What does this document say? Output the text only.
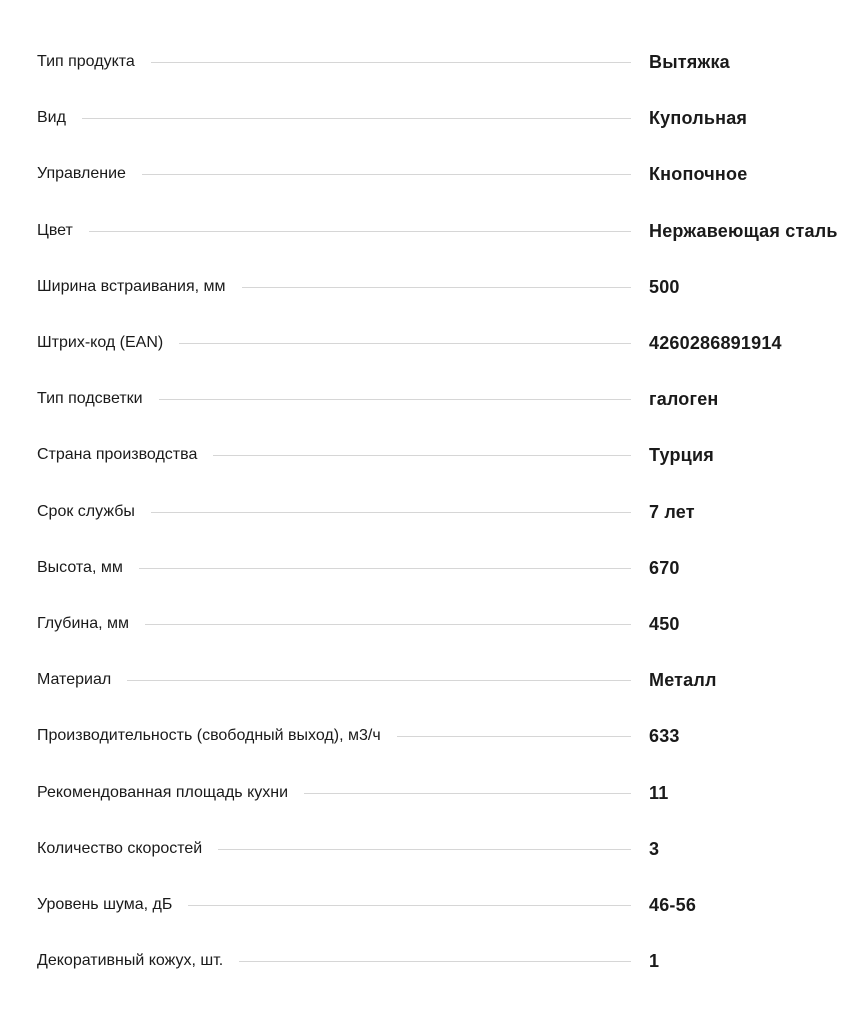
Тип продукта	Вытяжка
Вид	Купольная
Управление	Кнопочное
Цвет	Нержавеющая сталь
Ширина встраивания, мм	500
Штрих-код (EAN)	4260286891914
Тип подсветки	галоген
Страна производства	Турция
Срок службы	7 лет
Высота, мм	670
Глубина, мм	450
Материал	Металл
Производительность (свободный выход), м3/ч	633
Рекомендованная площадь кухни	11
Количество скоростей	3
Уровень шума, дБ	46-56
Декоративный кожух, шт.	1
